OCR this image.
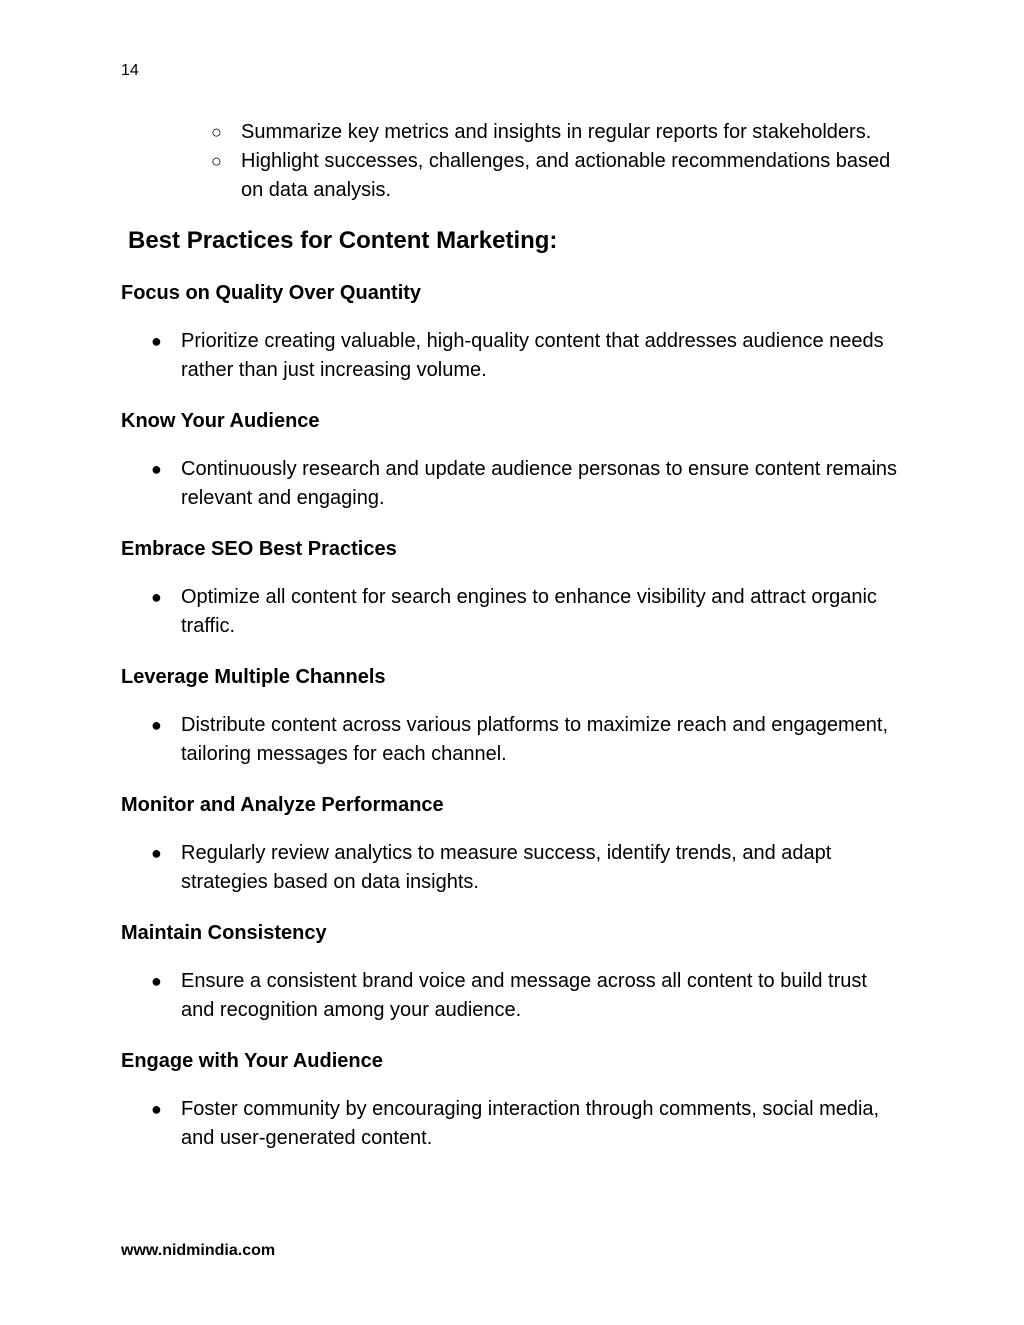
14
○ Summarize key metrics and insights in regular reports for stakeholders.
○ Highlight successes, challenges, and actionable recommendations based on data analysis.
Best Practices for Content Marketing:
Focus on Quality Over Quantity
● Prioritize creating valuable, high-quality content that addresses audience needs rather than just increasing volume.
Know Your Audience
● Continuously research and update audience personas to ensure content remains relevant and engaging.
Embrace SEO Best Practices
● Optimize all content for search engines to enhance visibility and attract organic traffic.
Leverage Multiple Channels
● Distribute content across various platforms to maximize reach and engagement, tailoring messages for each channel.
Monitor and Analyze Performance
● Regularly review analytics to measure success, identify trends, and adapt strategies based on data insights.
Maintain Consistency
● Ensure a consistent brand voice and message across all content to build trust and recognition among your audience.
Engage with Your Audience
● Foster community by encouraging interaction through comments, social media, and user-generated content.
www.nidmindia.com
